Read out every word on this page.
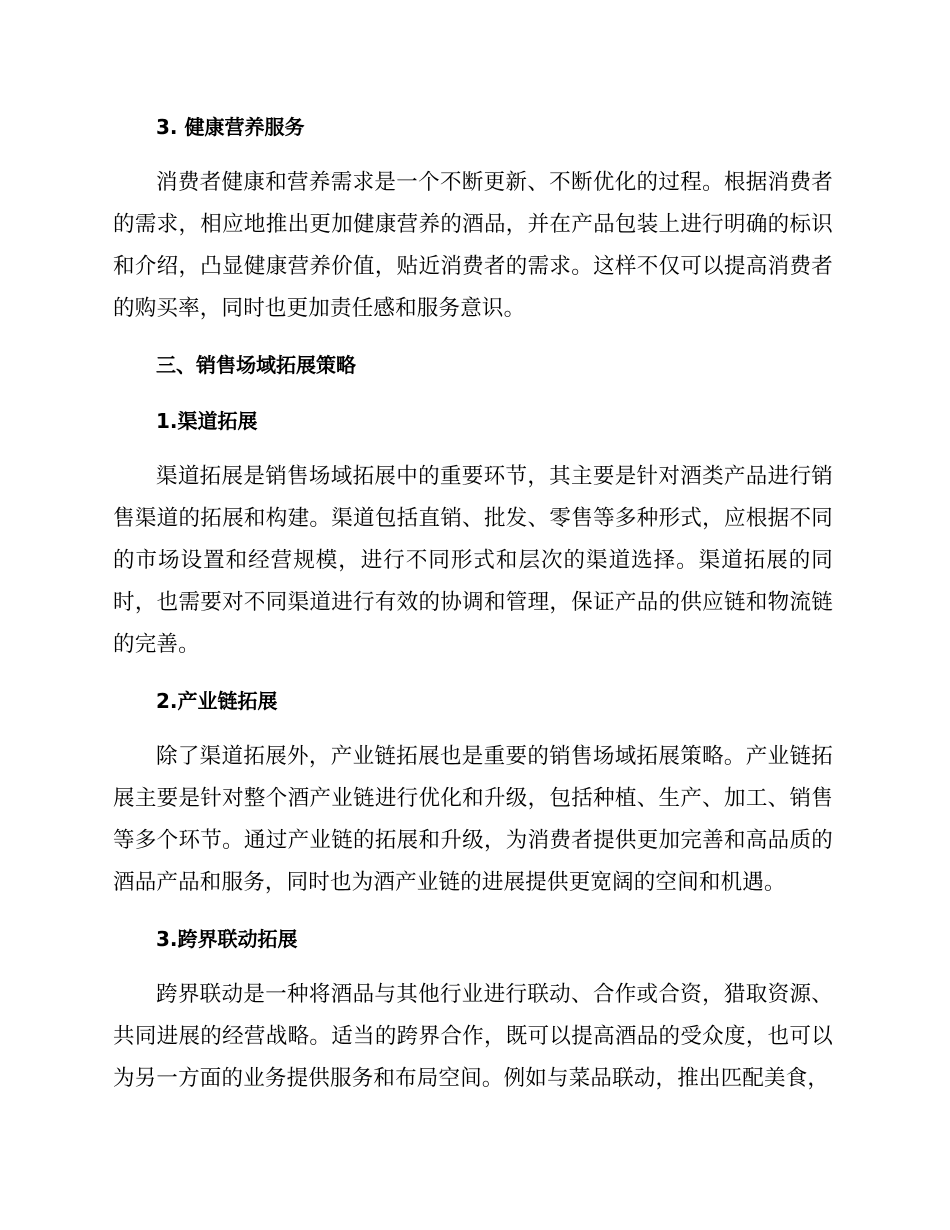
3. 健康营养服务

消费者健康和营养需求是一个不断更新、不断优化的过程。根据消费者的需求，相应地推出更加健康营养的酒品，并在产品包装上进行明确的标识和介绍，凸显健康营养价值，贴近消费者的需求。这样不仅可以提高消费者的购买率，同时也更加责任感和服务意识。

三、销售场域拓展策略

1.渠道拓展

渠道拓展是销售场域拓展中的重要环节，其主要是针对酒类产品进行销售渠道的拓展和构建。渠道包括直销、批发、零售等多种形式，应根据不同的市场设置和经营规模，进行不同形式和层次的渠道选择。渠道拓展的同时，也需要对不同渠道进行有效的协调和管理，保证产品的供应链和物流链的完善。

2.产业链拓展

除了渠道拓展外，产业链拓展也是重要的销售场域拓展策略。产业链拓展主要是针对整个酒产业链进行优化和升级，包括种植、生产、加工、销售等多个环节。通过产业链的拓展和升级，为消费者提供更加完善和高品质的酒品产品和服务，同时也为酒产业链的进展提供更宽阔的空间和机遇。

3.跨界联动拓展

跨界联动是一种将酒品与其他行业进行联动、合作或合资，猎取资源、共同进展的经营战略。适当的跨界合作，既可以提高酒品的受众度，也可以为另一方面的业务提供服务和布局空间。例如与菜品联动，推出匹配美食，
